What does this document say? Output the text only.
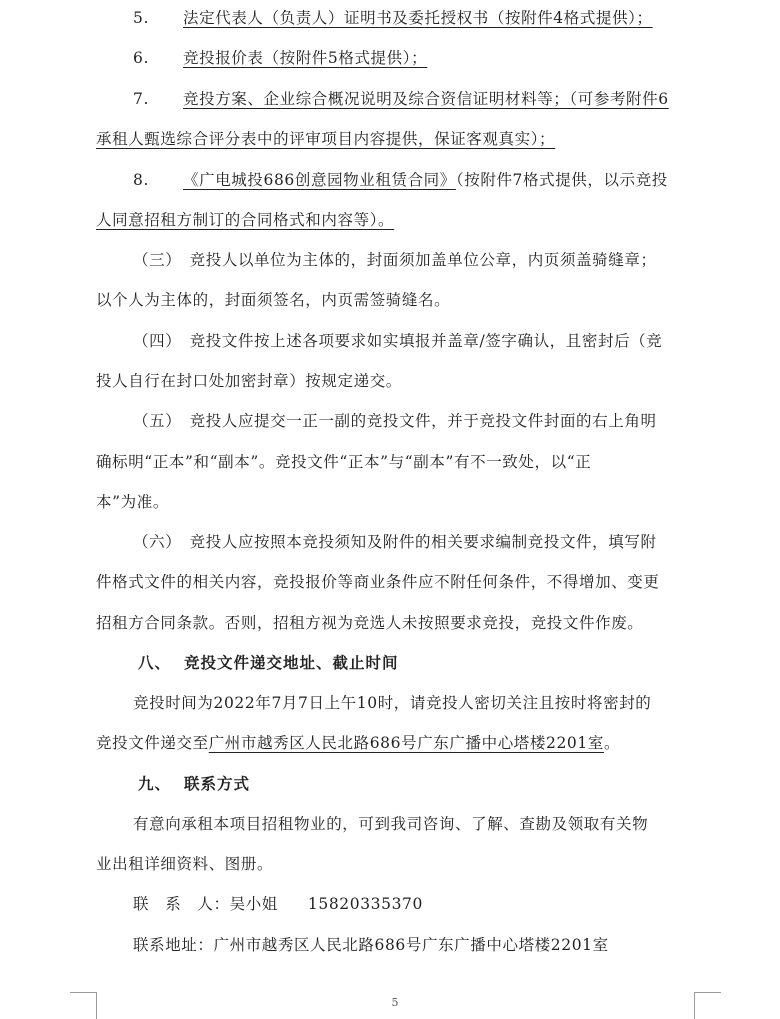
5. 法定代表人（负责人）证明书及委托授权书（按附件4格式提供）；
6. 竞投报价表（按附件5格式提供）；
7. 竞投方案、企业综合概况说明及综合资信证明材料等；（可参考附件6
承租人甄选综合评分表中的评审项目内容提供，保证客观真实）；
8. 《广电城投686创意园物业租赁合同》（按附件7格式提供，以示竞投
人同意招租方制订的合同格式和内容等）。
（三）　竞投人以单位为主体的，封面须加盖单位公章，内页须盖骑缝章；
以个人为主体的，封面须签名，内页需签骑缝名。
（四）　竞投文件按上述各项要求如实填报并盖章/签字确认，且密封后（竞
投人自行在封口处加密封章）按规定递交。
（五）　竞投人应提交一正一副的竞投文件，并于竞投文件封面的右上角明
确标明“正本”和“副本”。竞投文件“正本”与“副本”有不一致处，以“正
本”为准。
（六）　竞投人应按照本竞投须知及附件的相关要求编制竞投文件，填写附
件格式文件的相关内容，竞投报价等商业条件应不附任何条件，不得增加、变更
招租方合同条款。否则，招租方视为竞选人未按照要求竞投，竞投文件作废。
八、 竞投文件递交地址、截止时间
竞投时间为2022年7月7日上午10时，请竞投人密切关注且按时将密封的
竞投文件递交至广州市越秀区人民北路686号广东广播中心塔楼2201室。
九、 联系方式
有意向承租本项目招租物业的，可到我司咨询、了解、查勘及领取有关物
业出租详细资料、图册。
联　系　人：吴小姐 15820335370
联系地址：广州市越秀区人民北路686号广东广播中心塔楼2201室
5
